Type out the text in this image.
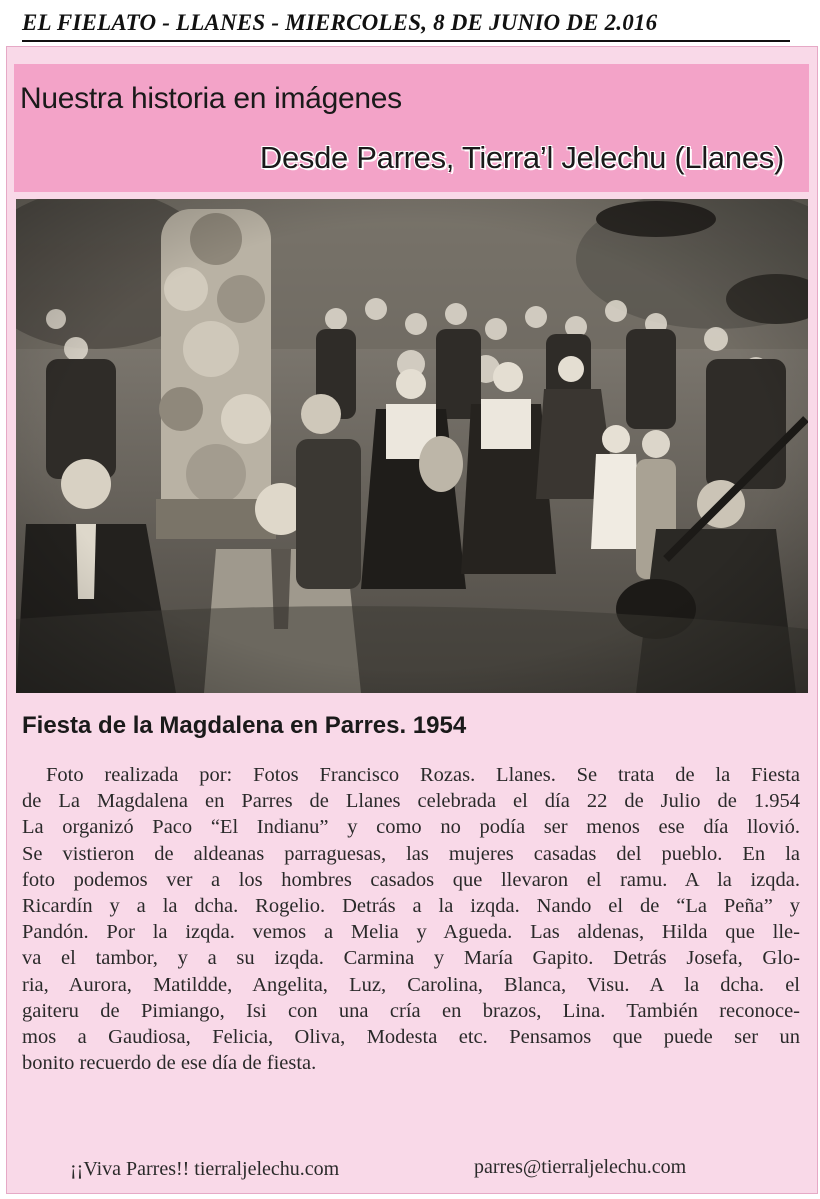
EL FIELATO - LLANES - MIERCOLES, 8 DE JUNIO DE 2.016
Nuestra historia en imágenes
Desde Parres, Tierra’l Jelechu (Llanes)
Fiesta de la Magdalena en Parres. 1954
Foto realizada por: Fotos Francisco Rozas. Llanes. Se trata de la Fiesta
de La Magdalena en Parres de Llanes celebrada el día 22 de Julio de 1.954
La organizó Paco “El Indianu” y como no podía ser menos ese día llovió.
Se vistieron de aldeanas parraguesas, las mujeres casadas del pueblo. En la
foto podemos ver a los hombres casados que llevaron el ramu. A la izqda.
Ricardín y a la dcha. Rogelio. Detrás a la izqda. Nando el de “La Peña” y
Pandón. Por la izqda. vemos a Melia y Agueda. Las aldenas, Hilda que lle-
va el tambor, y a su izqda. Carmina y María Gapito. Detrás Josefa, Glo-
ria, Aurora, Matildde, Angelita, Luz, Carolina, Blanca, Visu. A la dcha. el
gaiteru de Pimiango, Isi con una cría en brazos, Lina. También reconoce-
mos a Gaudiosa, Felicia, Oliva, Modesta etc. Pensamos que puede ser un
bonito recuerdo de ese día de fiesta.
¡¡Viva Parres!! tierraljelechu.com	parres@tierraljelechu.com
